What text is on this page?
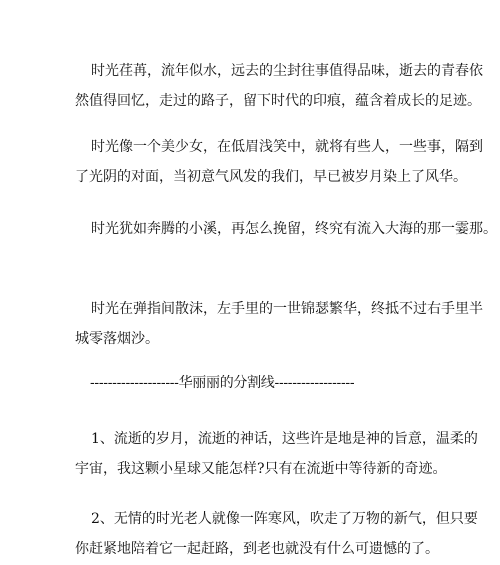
时光荏苒，流年似水，远去的尘封往事值得品味，逝去的青春依
然值得回忆，走过的路子，留下时代的印痕，蕴含着成长的足迹。

时光像一个美少女，在低眉浅笑中，就将有些人，一些事，隔到
了光阴的对面，当初意气风发的我们，早已被岁月染上了风华。

时光犹如奔腾的小溪，再怎么挽留，终究有流入大海的那一霎那。

时光在弹指间散沫，左手里的一世锦瑟繁华，终抵不过右手里半
城零落烟沙。

--------------------华丽丽的分割线------------------

1、流逝的岁月，流逝的神话，这些许是地是神的旨意，温柔的
宇宙，我这颗小星球又能怎样?只有在流逝中等待新的奇迹。

2、无情的时光老人就像一阵寒风，吹走了万物的新气，但只要
你赶紧地陪着它一起赶路，到老也就没有什么可遗憾的了。
